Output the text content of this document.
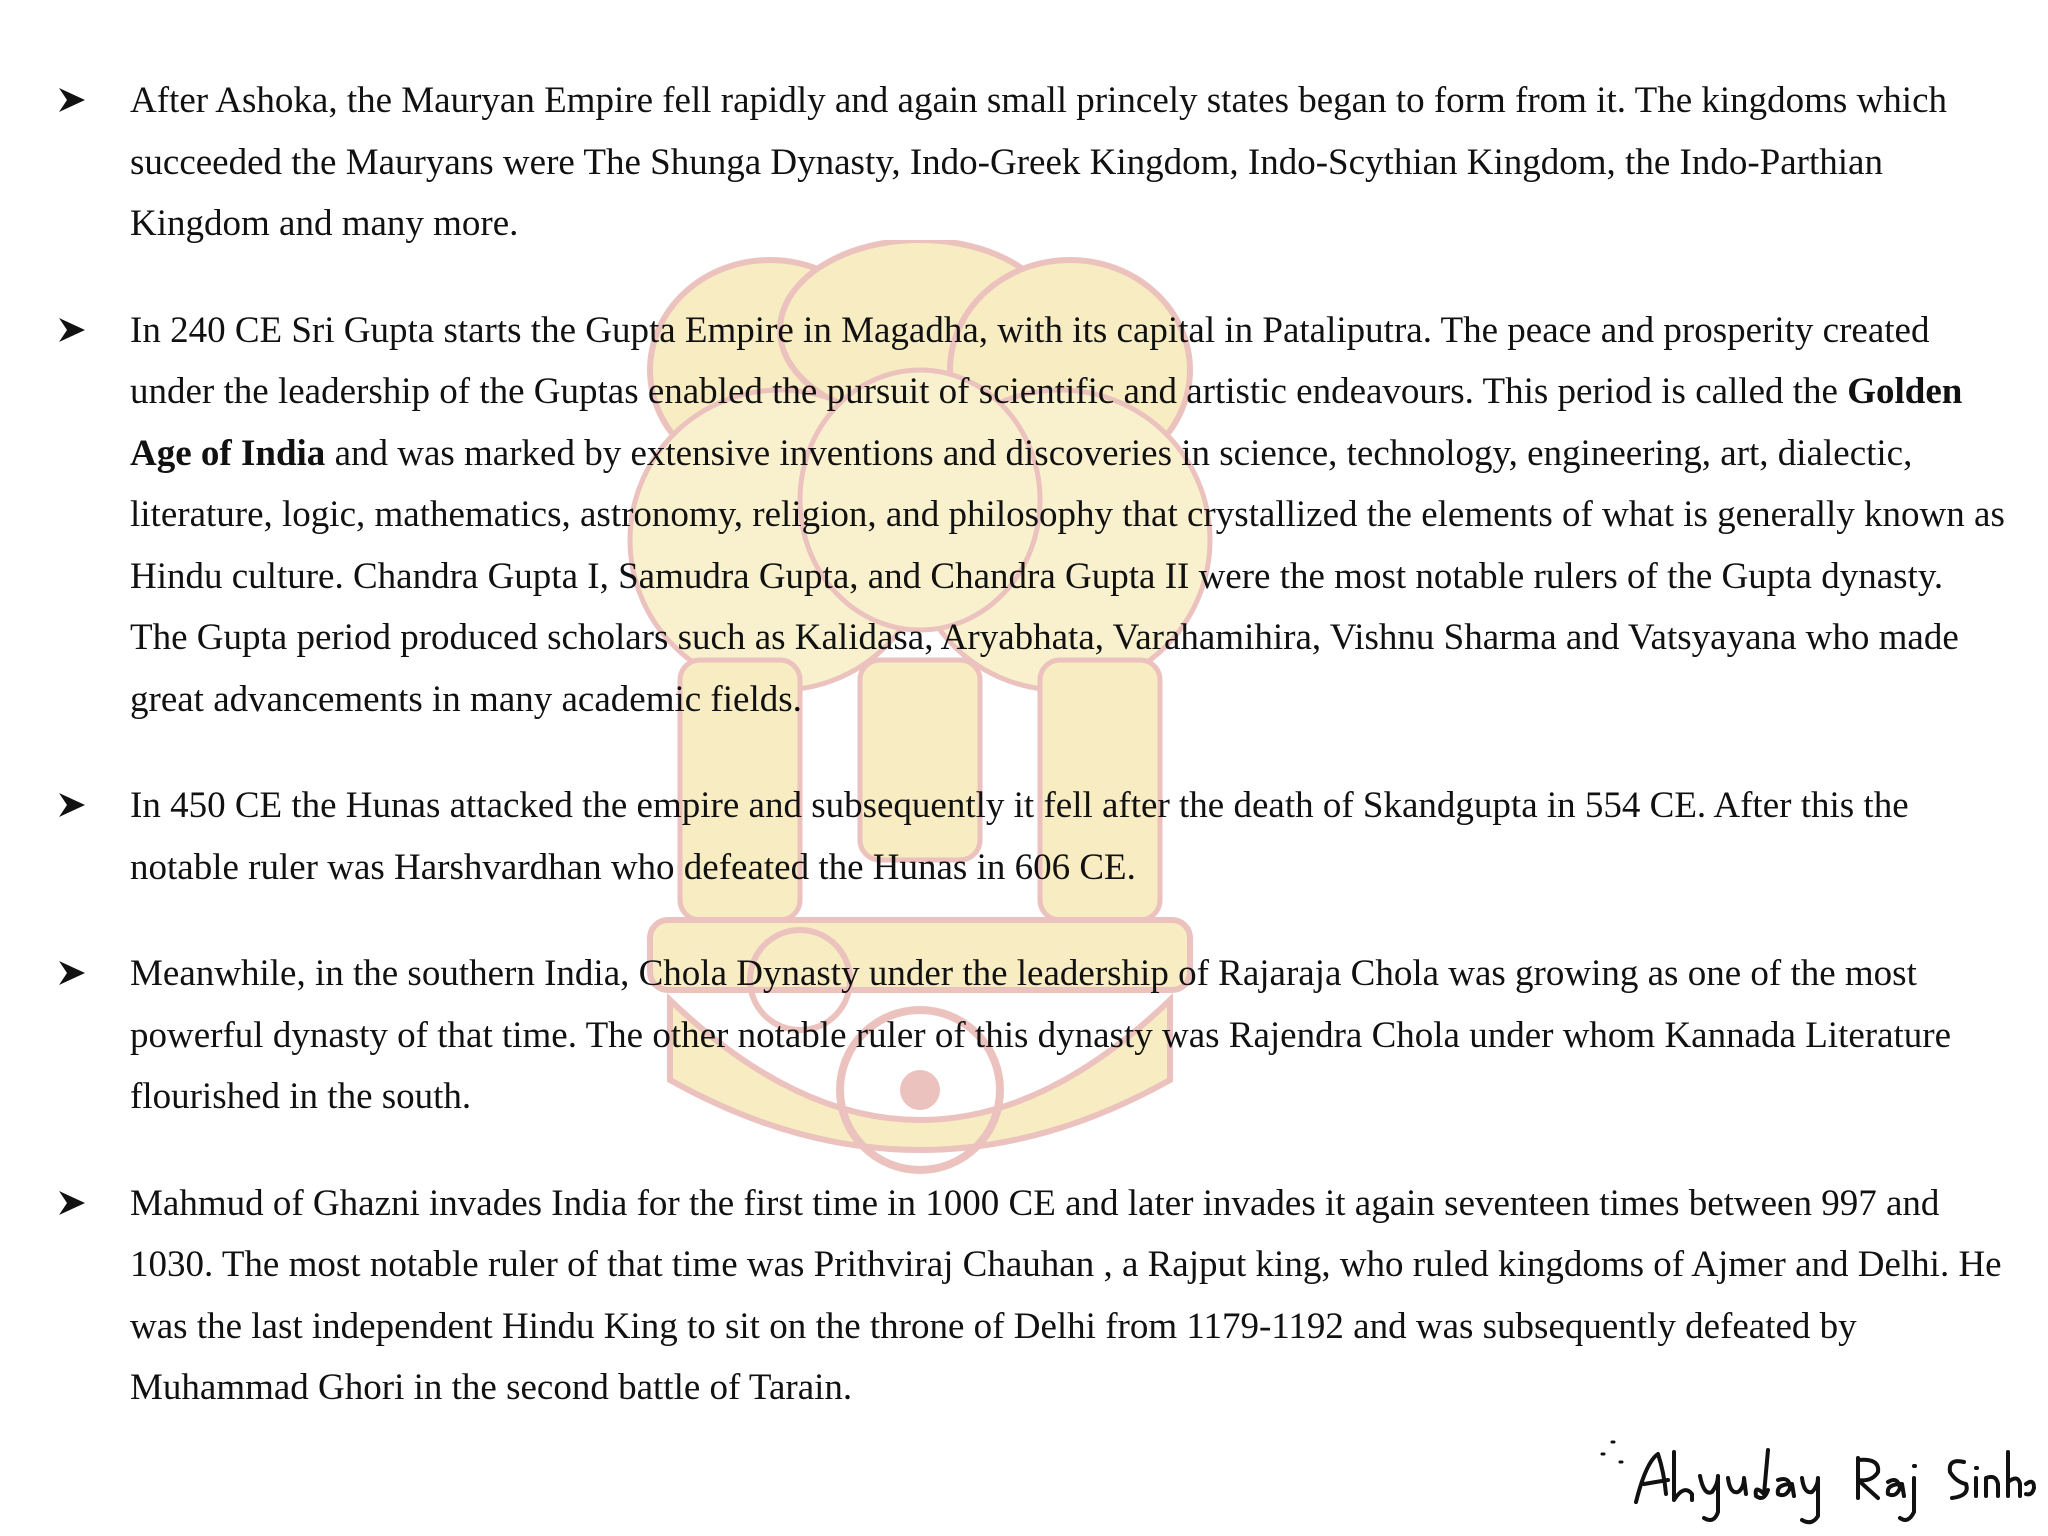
After Ashoka, the Mauryan Empire fell rapidly and again small princely states began to form from it. The kingdoms which succeeded the Mauryans were The Shunga Dynasty, Indo-Greek Kingdom, Indo-Scythian Kingdom, the Indo-Parthian Kingdom and many more.

In 240 CE Sri Gupta starts the Gupta Empire in Magadha, with its capital in Pataliputra. The peace and prosperity created under the leadership of the Guptas enabled the pursuit of scientific and artistic endeavours. This period is called the Golden Age of India and was marked by extensive inventions and discoveries in science, technology, engineering, art, dialectic, literature, logic, mathematics, astronomy, religion, and philosophy that crystallized the elements of what is generally known as Hindu culture. Chandra Gupta I, Samudra Gupta, and Chandra Gupta II were the most notable rulers of the Gupta dynasty. The Gupta period produced scholars such as Kalidasa, Aryabhata, Varahamihira, Vishnu Sharma and Vatsyayana who made great advancements in many academic fields.

In 450 CE the Hunas attacked the empire and subsequently it fell after the death of Skandgupta in 554 CE. After this the notable ruler was Harshvardhan who defeated the Hunas in 606 CE.

Meanwhile, in the southern India, Chola Dynasty under the leadership of Rajaraja Chola was growing as one of the most powerful dynasty of that time. The other notable ruler of this dynasty was Rajendra Chola under whom Kannada Literature flourished in the south.

Mahmud of Ghazni invades India for the first time in 1000 CE and later invades it again seventeen times between 997 and 1030. The most notable ruler of that time was Prithviraj Chauhan , a Rajput king, who ruled kingdoms of Ajmer and Delhi. He was the last independent Hindu King to sit on the throne of Delhi from 1179-1192 and was subsequently defeated by Muhammad Ghori in the second battle of Tarain.
